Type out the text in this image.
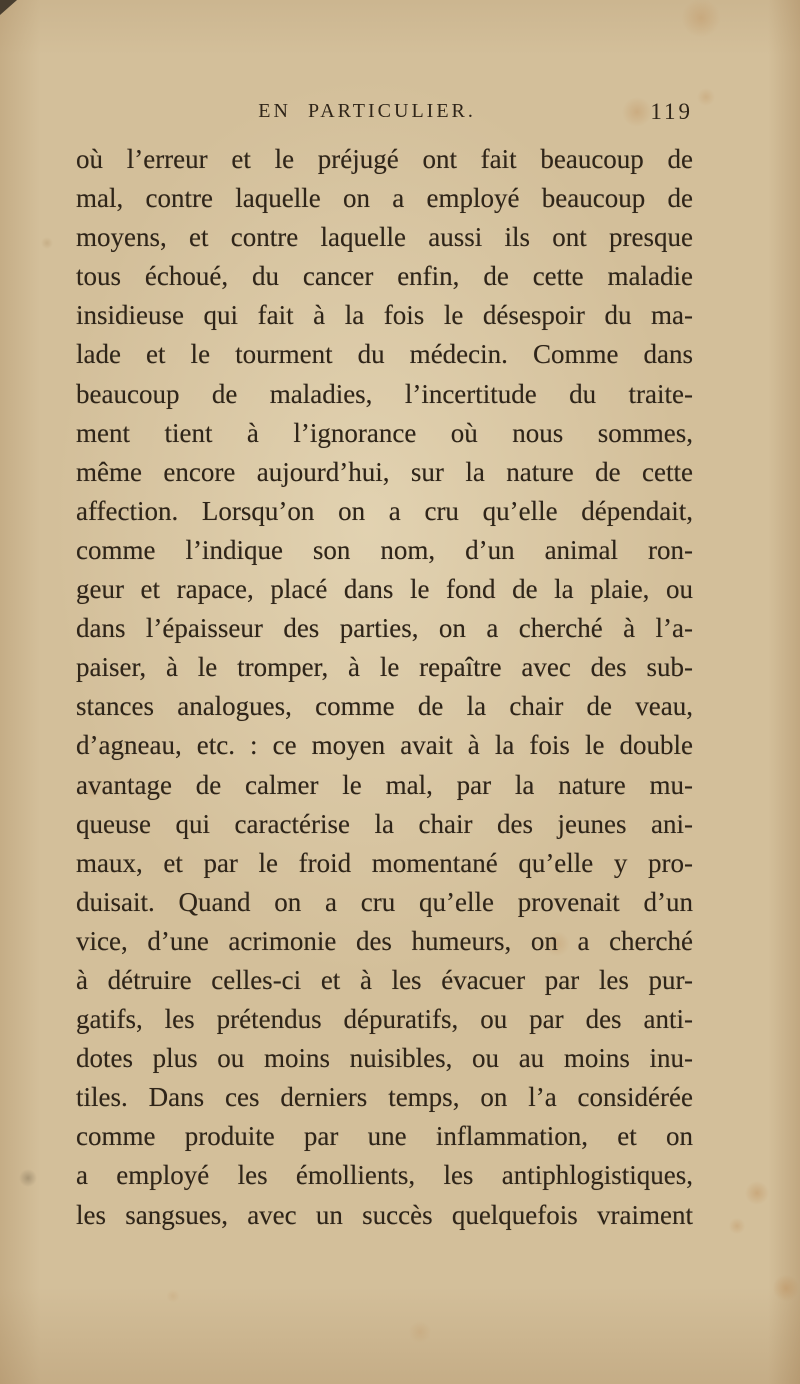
EN PARTICULIER.	119
où l’erreur et le préjugé ont fait beaucoup de
mal, contre laquelle on a employé beaucoup de
moyens, et contre laquelle aussi ils ont presque
tous échoué, du cancer enfin, de cette maladie
insidieuse qui fait à la fois le désespoir du ma-
lade et le tourment du médecin. Comme dans
beaucoup de maladies, l’incertitude du traite-
ment tient à l’ignorance où nous sommes,
même encore aujourd’hui, sur la nature de cette
affection. Lorsqu’on on a cru qu’elle dépendait,
comme l’indique son nom, d’un animal ron-
geur et rapace, placé dans le fond de la plaie, ou
dans l’épaisseur des parties, on a cherché à l’a-
paiser, à le tromper, à le repaître avec des sub-
stances analogues, comme de la chair de veau,
d’agneau, etc. : ce moyen avait à la fois le double
avantage de calmer le mal, par la nature mu-
queuse qui caractérise la chair des jeunes ani-
maux, et par le froid momentané qu’elle y pro-
duisait. Quand on a cru qu’elle provenait d’un
vice, d’une acrimonie des humeurs, on a cherché
à détruire celles-ci et à les évacuer par les pur-
gatifs, les prétendus dépuratifs, ou par des anti-
dotes plus ou moins nuisibles, ou au moins inu-
tiles. Dans ces derniers temps, on l’a considérée
comme produite par une inflammation, et on
a employé les émollients, les antiphlogistiques,
les sangsues, avec un succès quelquefois vraiment
